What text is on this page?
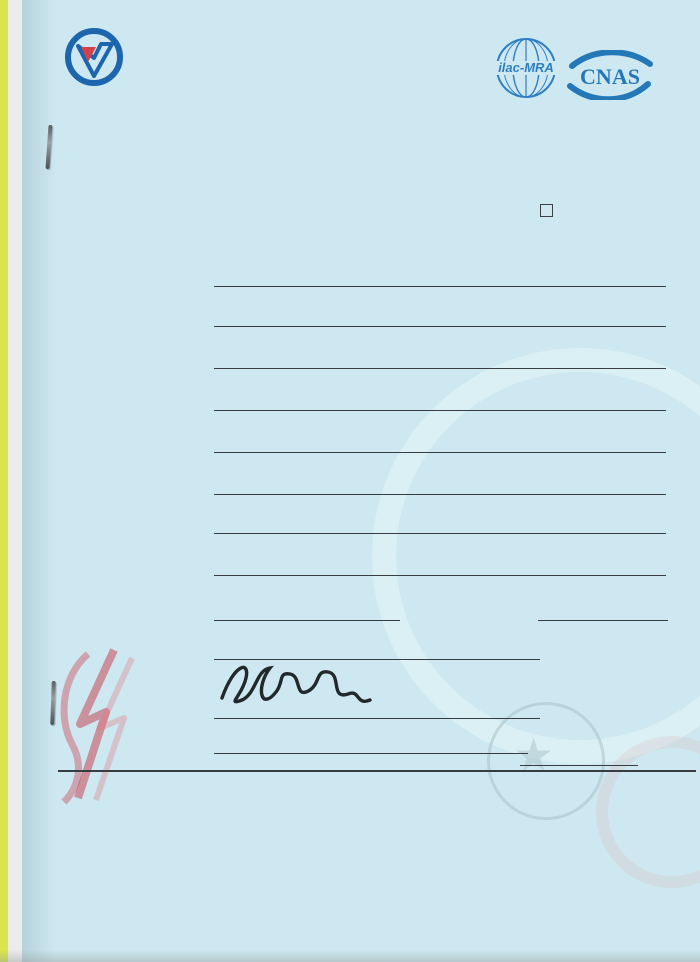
★
ilac-MRA CNAS
